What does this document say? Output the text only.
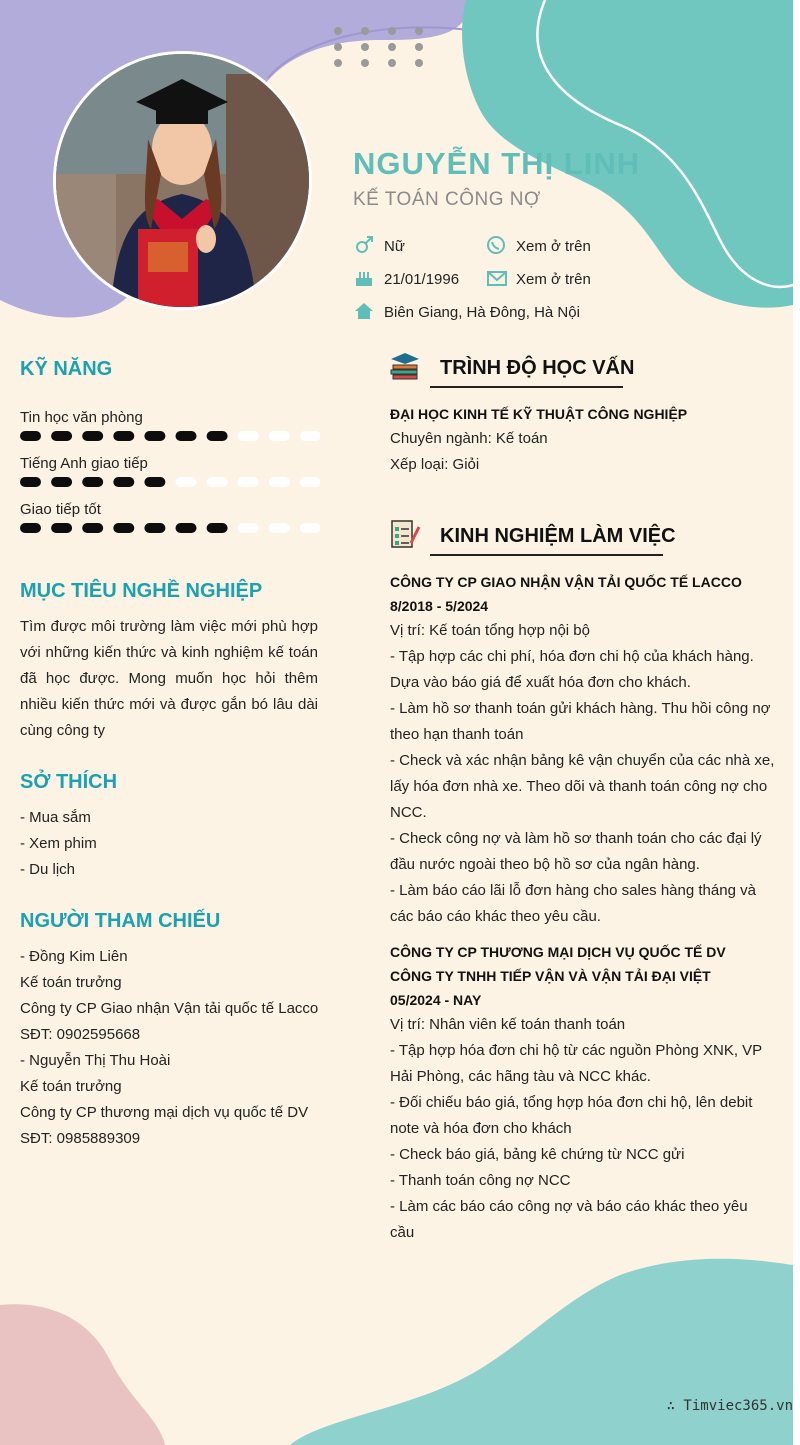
NGUYỄN THỊ LINH
KẾ TOÁN CÔNG NỢ
Nữ	Xem ở trên
21/01/1996	Xem ở trên
Biên Giang, Hà Đông, Hà Nội
KỸ NĂNG
Tin học văn phòng
Tiếng Anh giao tiếp
Giao tiếp tốt
MỤC TIÊU NGHỀ NGHIỆP
Tìm được môi trường làm việc mới phù hợp với những kiến thức và kinh nghiệm kế toán đã học được. Mong muốn học hỏi thêm nhiều kiến thức mới và được gắn bó lâu dài cùng công ty
SỞ THÍCH
- Mua sắm
- Xem phim
- Du lịch
NGƯỜI THAM CHIẾU
- Đồng Kim Liên
Kế toán trưởng
Công ty CP Giao nhận Vận tải quốc tế Lacco
SĐT: 0902595668
- Nguyễn Thị Thu Hoài
Kế toán trưởng
Công ty CP thương mại dịch vụ quốc tế DV
SĐT: 0985889309
TRÌNH ĐỘ HỌC VẤN
ĐẠI HỌC KINH TẾ KỸ THUẬT CÔNG NGHIỆP
Chuyên ngành: Kế toán
Xếp loại: Giỏi
KINH NGHIỆM LÀM VIỆC
CÔNG TY CP GIAO NHẬN VẬN TẢI QUỐC TẾ LACCO
8/2018 - 5/2024
Vị trí: Kế toán tổng hợp nội bộ
- Tập hợp các chi phí, hóa đơn chi hộ của khách hàng.
Dựa vào báo giá để xuất hóa đơn cho khách.
- Làm hồ sơ thanh toán gửi khách hàng. Thu hồi công nợ
theo hạn thanh toán
- Check và xác nhận bảng kê vận chuyển của các nhà xe,
lấy hóa đơn nhà xe. Theo dõi và thanh toán công nợ cho
NCC.
- Check công nợ và làm hồ sơ thanh toán cho các đại lý
đầu nước ngoài theo bộ hồ sơ của ngân hàng.
- Làm báo cáo lãi lỗ đơn hàng cho sales hàng tháng và
các báo cáo khác theo yêu cầu.
CÔNG TY CP THƯƠNG MẠI DỊCH VỤ QUỐC TẾ DV
CÔNG TY TNHH TIẾP VẬN VÀ VẬN TẢI ĐẠI VIỆT
05/2024 - NAY
Vị trí: Nhân viên kế toán thanh toán
- Tập hợp hóa đơn chi hộ từ các nguồn Phòng XNK, VP
Hải Phòng, các hãng tàu và NCC khác.
- Đối chiếu báo giá, tổng hợp hóa đơn chi hộ, lên debit
note và hóa đơn cho khách
- Check báo giá, bảng kê chứng từ NCC gửi
- Thanh toán công nợ NCC
- Làm các báo cáo công nợ và báo cáo khác theo yêu
cầu
∴ Timviec365.vn
